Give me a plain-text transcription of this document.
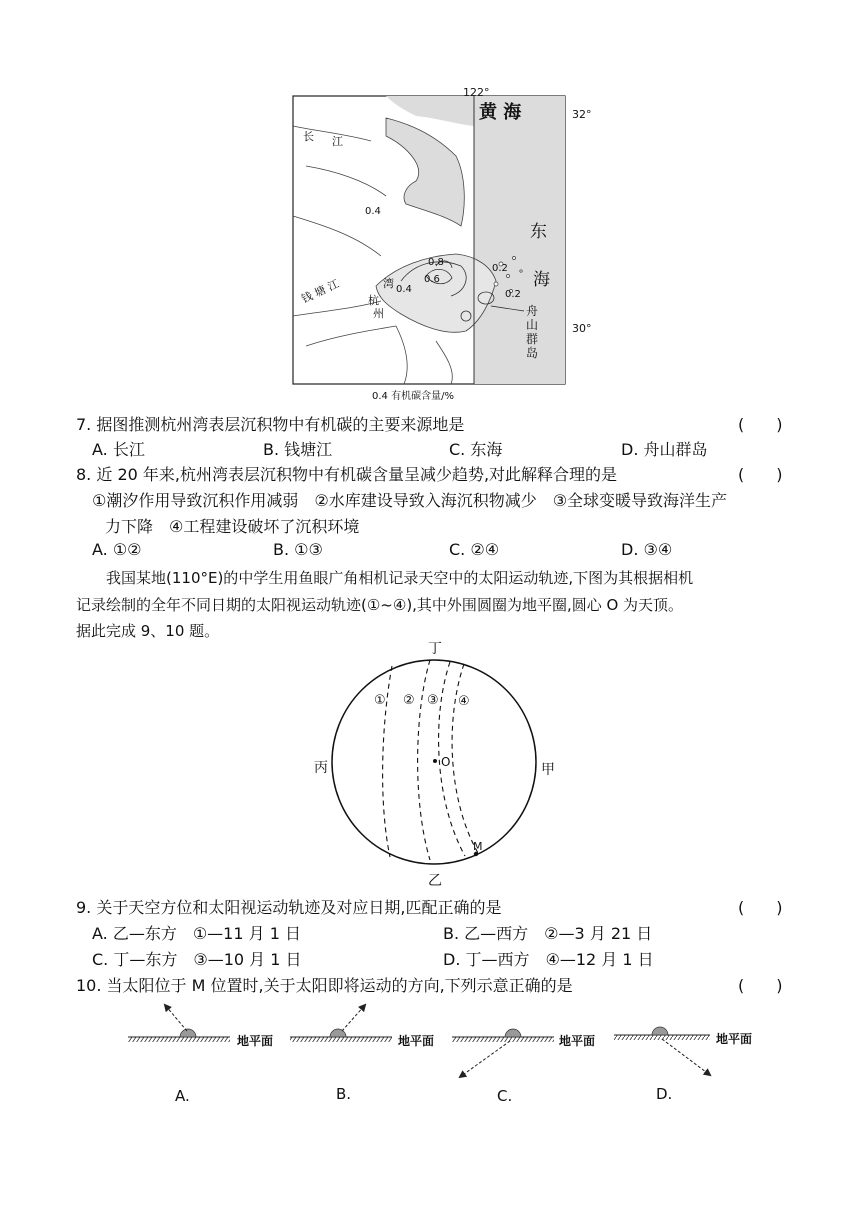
122°
32°
30°
黄 海
东
海
长 江
钱 塘 江 杭
州
湾
舟
山
群
岛
0.4
0.6
0.8
0.4
0.2
0.2
0.4 有机碳含量/%
7. 据图推测杭州湾表层沉积物中有机碳的主要来源地是	(　　)
A. 长江	B. 钱塘江	C. 东海	D. 舟山群岛
8. 近 20 年来,杭州湾表层沉积物中有机碳含量呈减少趋势,对此解释合理的是	(　　)
①潮汐作用导致沉积作用减弱　②水库建设导致入海沉积物减少　③全球变暖导致海洋生产
力下降　④工程建设破坏了沉积环境
A. ①②	B. ①③	C. ②④	D. ③④
我国某地(110°E)的中学生用鱼眼广角相机记录天空中的太阳运动轨迹,下图为其根据相机
记录绘制的全年不同日期的太阳视运动轨迹(①~④),其中外围圆圈为地平圈,圆心 O 为天顶。
据此完成 9、10 题。
丁
乙
丙	甲
O
M
① ② ③ ④
9. 关于天空方位和太阳视运动轨迹及对应日期,匹配正确的是	(　　)
A. 乙—东方　①—11 月 1 日	B. 乙—西方　②—3 月 21 日
C. 丁—东方　③—10 月 1 日	D. 丁—西方　④—12 月 1 日
10. 当太阳位于 M 位置时,关于太阳即将运动的方向,下列示意正确的是	(　　)
地平面	地平面	地平面	地平面
A.	B.	C.	D.
